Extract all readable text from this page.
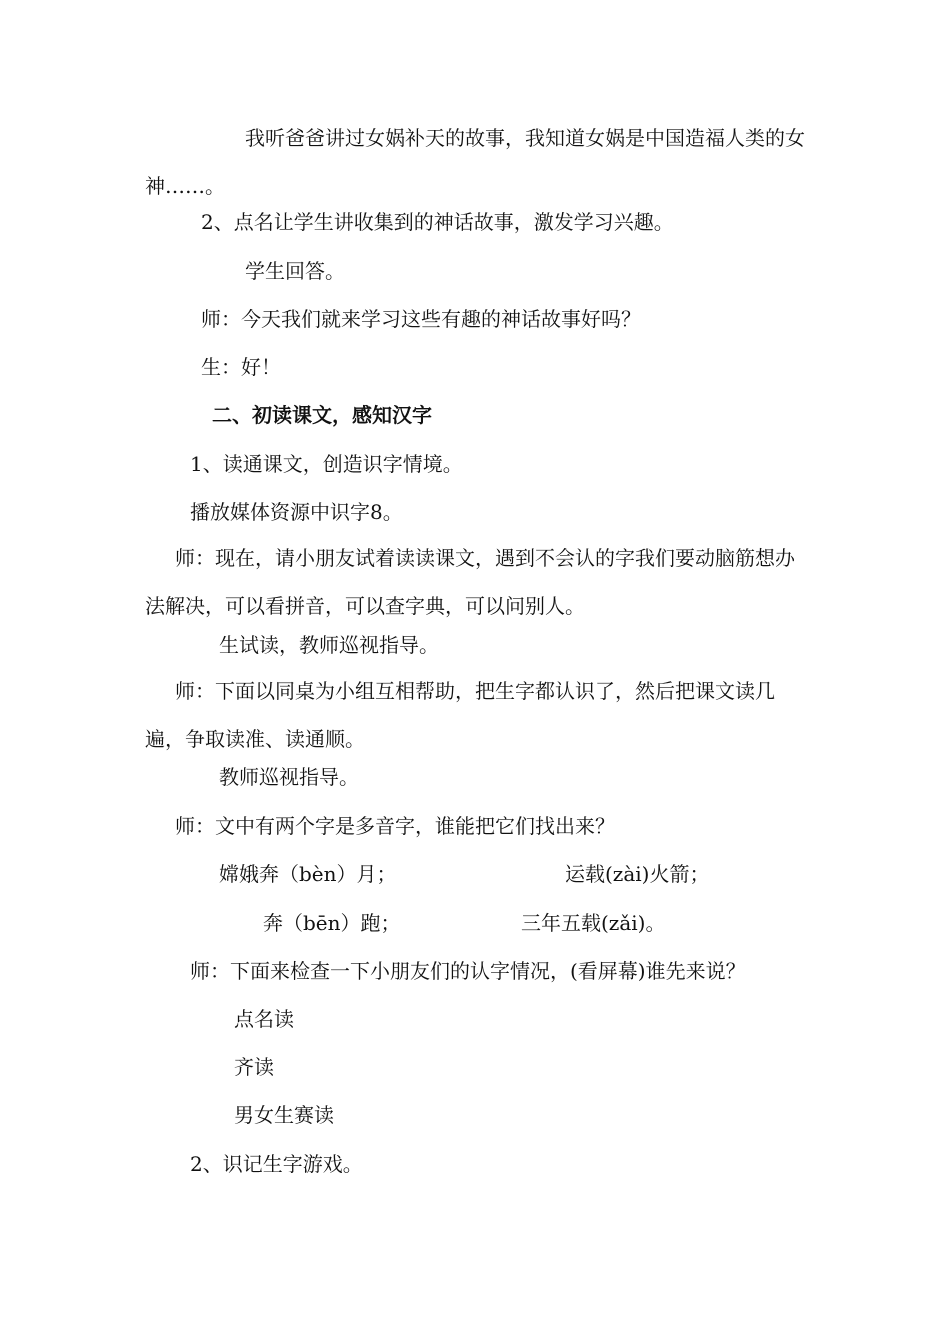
我听爸爸讲过女娲补天的故事，我知道女娲是中国造福人类的女神……。

2、点名让学生讲收集到的神话故事，激发学习兴趣。

学生回答。

师：今天我们就来学习这些有趣的神话故事好吗？

生：好！

二、初读课文，感知汉字

1、读通课文，创造识字情境。

播放媒体资源中识字8。

师：现在，请小朋友试着读读课文，遇到不会认的字我们要动脑筋想办法解决，可以看拼音，可以查字典，可以问别人。

生试读，教师巡视指导。

师：下面以同桌为小组互相帮助，把生字都认识了，然后把课文读几遍，争取读准、读通顺。

教师巡视指导。

师：文中有两个字是多音字，谁能把它们找出来？

嫦娥奔（bèn）月；	运载(zài)火箭；

奔（bēn）跑；	三年五载(zǎi)。

师：下面来检查一下小朋友们的认字情况，(看屏幕)谁先来说？

点名读

齐读

男女生赛读

2、识记生字游戏。
